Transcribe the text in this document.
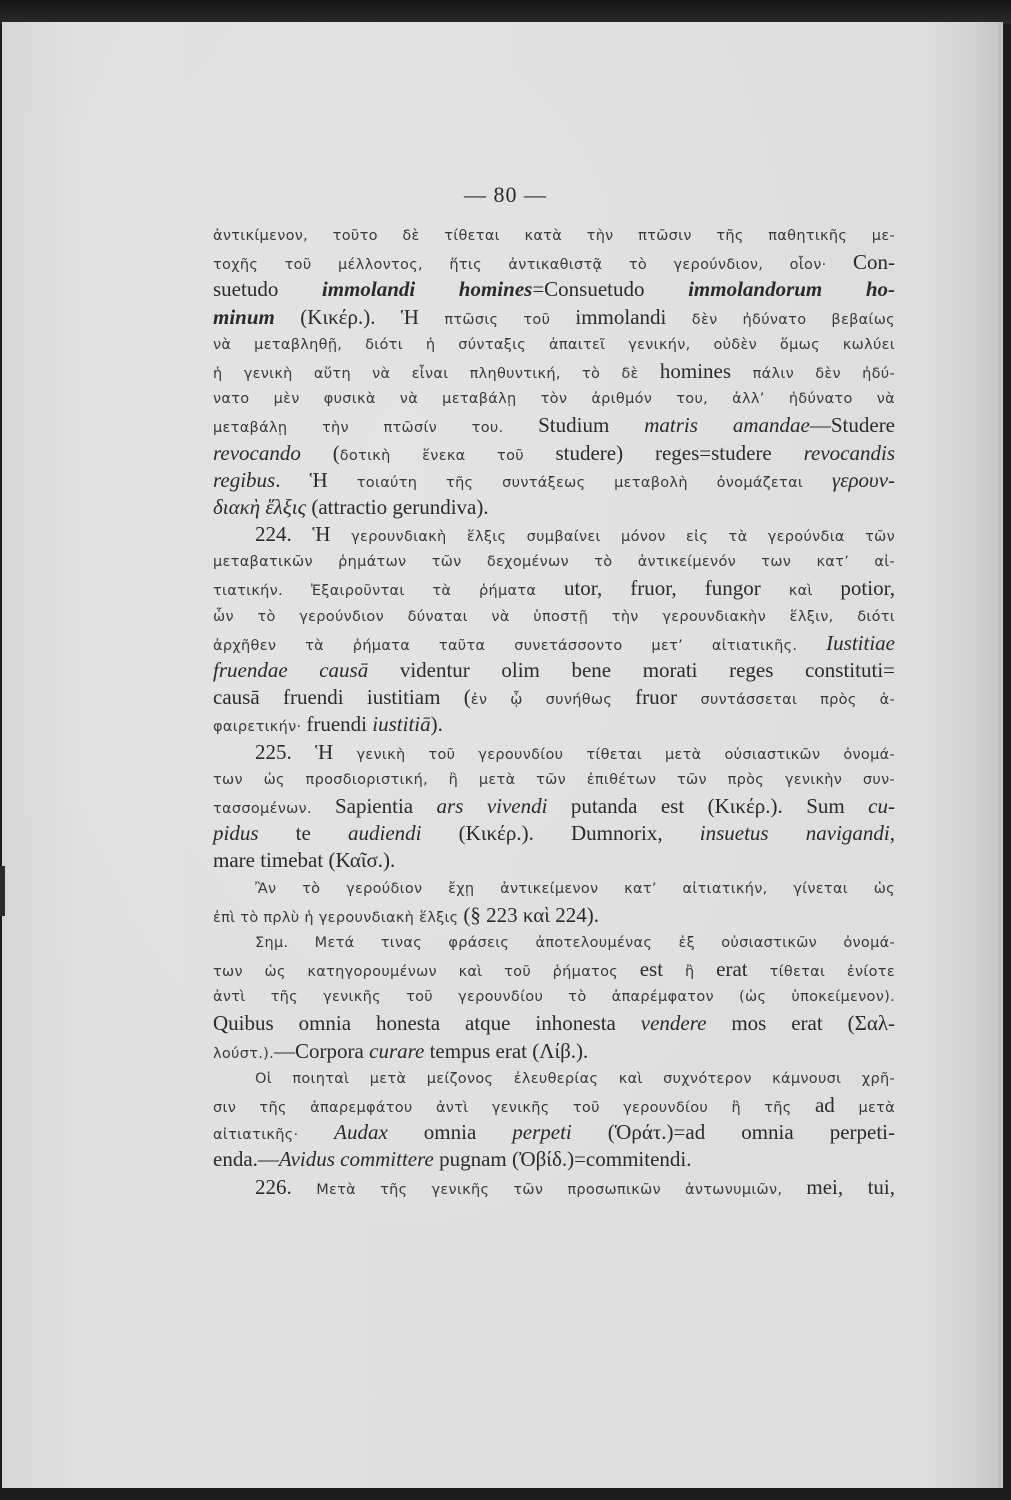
— 80 —
ἀντικίμενον, τοῦτο δὲ τίθεται κατὰ τὴν πτῶσιν τῆς παθητικῆς με-
τοχῆς τοῦ μέλλοντος, ἥτις ἀντικαθιστᾷ τὸ γερούνδιον, οἷον· Con-
suetudo immolandi homines=Consuetudo immolandorum ho-
minum (Κικέρ.). Ἡ πτῶσις τοῦ immolandi δὲν ἠδύνατο βεβαίως
νὰ μεταβληθῇ, διότι ἡ σύνταξις ἀπαιτεῖ γενικήν, οὐδὲν ὅμως κωλύει
ἡ γενικὴ αὕτη νὰ εἶναι πληθυντική, τὸ δὲ homines πάλιν δὲν ἠδύ-
νατο μὲν φυσικὰ νὰ μεταβάλῃ τὸν ἀριθμόν του, ἀλλ’ ἠδύνατο νὰ
μεταβάλῃ τὴν πτῶσίν του. Studium matris amandae—Studere
revocando (δοτικὴ ἕνεκα τοῦ studere) reges=studere revocandis
regibus. Ἡ τοιαύτη τῆς συντάξεως μεταβολὴ ὀνομάζεται γερουν-
διακὴ ἕλξις (attractio gerundiva).
224. Ἡ γερουνδιακὴ ἕλξις συμβαίνει μόνον εἰς τὰ γερούνδια τῶν
μεταβατικῶν ῥημάτων τῶν δεχομένων τὸ ἀντικείμενόν των κατ’ αἰ-
τιατικήν. Ἐξαιροῦνται τὰ ῥήματα utor, fruor, fungor καὶ potior,
ὧν τὸ γερούνδιον δύναται νὰ ὑποστῇ τὴν γερουνδιακὴν ἕλξιν, διότι
ἀρχῆθεν τὰ ῥήματα ταῦτα συνετάσσοντο μετ’ αἰτιατικῆς. Iustitiae
fruendae causā videntur olim bene morati reges constituti=
causā fruendi iustitiam (ἐν ᾧ συνήθως fruor συντάσσεται πρὸς ἀ-
φαιρετικήν· fruendi iustitiā).
225. Ἡ γενικὴ τοῦ γερουνδίου τίθεται μετὰ οὐσιαστικῶν ὀνομά-
των ὡς προσδιοριστική, ἢ μετὰ τῶν ἐπιθέτων τῶν πρὸς γενικὴν συν-
τασσομένων. Sapientia ars vivendi putanda est (Κικέρ.). Sum cu-
pidus te audiendi (Κικέρ.). Dumnorix, insuetus navigandi,
mare timebat (Καῖσ.).
Ἂν τὸ γερούδιον ἔχῃ ἀντικείμενον κατ’ αἰτιατικήν, γίνεται ὡς
ἐπὶ τὸ πρλὺ ἡ γερουνδιακὴ ἕλξις (§ 223 καὶ 224).
Σημ. Μετά τινας φράσεις ἀποτελουμένας ἐξ οὐσιαστικῶν ὀνομά-
των ὡς κατηγορουμένων καὶ τοῦ ῥήματος est ἢ erat τίθεται ἐνίοτε
ἀντὶ τῆς γενικῆς τοῦ γερουνδίου τὸ ἀπαρέμφατον (ὡς ὑποκείμενον).
Quibus omnia honesta atque inhonesta vendere mos erat (Σαλ-
λούστ.).—Corpora curare tempus erat (Λίβ.).
Οἱ ποιηταὶ μετὰ μείζονος ἐλευθερίας καὶ συχνότερον κάμνουσι χρῆ-
σιν τῆς ἀπαρεμφάτου ἀντὶ γενικῆς τοῦ γερουνδίου ἢ τῆς ad μετὰ
αἰτιατικῆς· Audax omnia perpeti (Ὁράτ.)=ad omnia perpeti-
enda.—Avidus committere pugnam (Ὀβίδ.)=commitendi.
226. Μετὰ τῆς γενικῆς τῶν προσωπικῶν ἀντωνυμιῶν, mei, tui,
